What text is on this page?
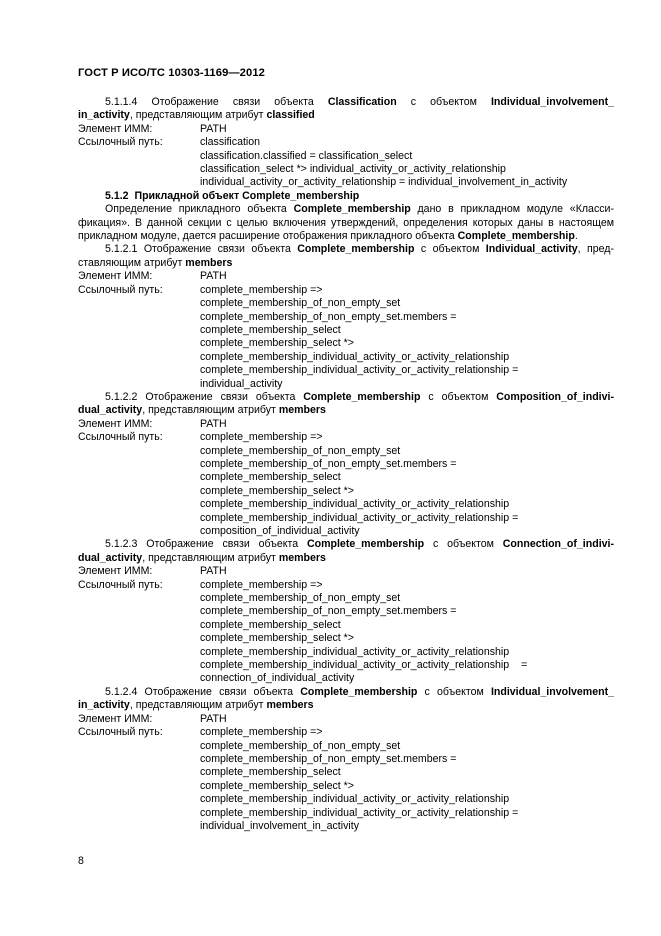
ГОСТ Р ИСО/ТС 10303-1169—2012
5.1.1.4 Отображение связи объекта Classification с объектом Individual_involvement_
in_activity, представляющим атрибут classified
Элемент ИММ:	PATH
Ссылочный путь:	classification
classification.classified = classification_select
classification_select *> individual_activity_or_activity_relationship
individual_activity_or_activity_relationship = individual_involvement_in_activity
5.1.2 Прикладной объект Complete_membership
Определение прикладного объекта Complete_membership дано в прикладном модуле «Класси-
фикация». В данной секции с целью включения утверждений, определения которых даны в настоящем
прикладном модуле, дается расширение отображения прикладного объекта Complete_membership.
5.1.2.1 Отображение связи объекта Complete_membership с объектом Individual_activity, пред-
ставляющим атрибут members
Элемент ИММ:	PATH
Ссылочный путь:	complete_membership =>
complete_membership_of_non_empty_set
complete_membership_of_non_empty_set.members =
complete_membership_select
complete_membership_select *>
complete_membership_individual_activity_or_activity_relationship
complete_membership_individual_activity_or_activity_relationship =
individual_activity
5.1.2.2 Отображение связи объекта Complete_membership с объектом Composition_of_indivi-
dual_activity, представляющим атрибут members
Элемент ИММ:	PATH
Ссылочный путь:	complete_membership =>
complete_membership_of_non_empty_set
complete_membership_of_non_empty_set.members =
complete_membership_select
complete_membership_select *>
complete_membership_individual_activity_or_activity_relationship
complete_membership_individual_activity_or_activity_relationship =
composition_of_individual_activity
5.1.2.3 Отображение связи объекта Complete_membership с объектом Connection_of_indivi-
dual_activity, представляющим атрибут members
Элемент ИММ:	PATH
Ссылочный путь:	complete_membership =>
complete_membership_of_non_empty_set
complete_membership_of_non_empty_set.members =
complete_membership_select
complete_membership_select *>
complete_membership_individual_activity_or_activity_relationship
complete_membership_individual_activity_or_activity_relationship =
connection_of_individual_activity
5.1.2.4 Отображение связи объекта Complete_membership с объектом Individual_involvement_
in_activity, представляющим атрибут members
Элемент ИММ:	PATH
Ссылочный путь:	complete_membership =>
complete_membership_of_non_empty_set
complete_membership_of_non_empty_set.members =
complete_membership_select
complete_membership_select *>
complete_membership_individual_activity_or_activity_relationship
complete_membership_individual_activity_or_activity_relationship =
individual_involvement_in_activity
8
